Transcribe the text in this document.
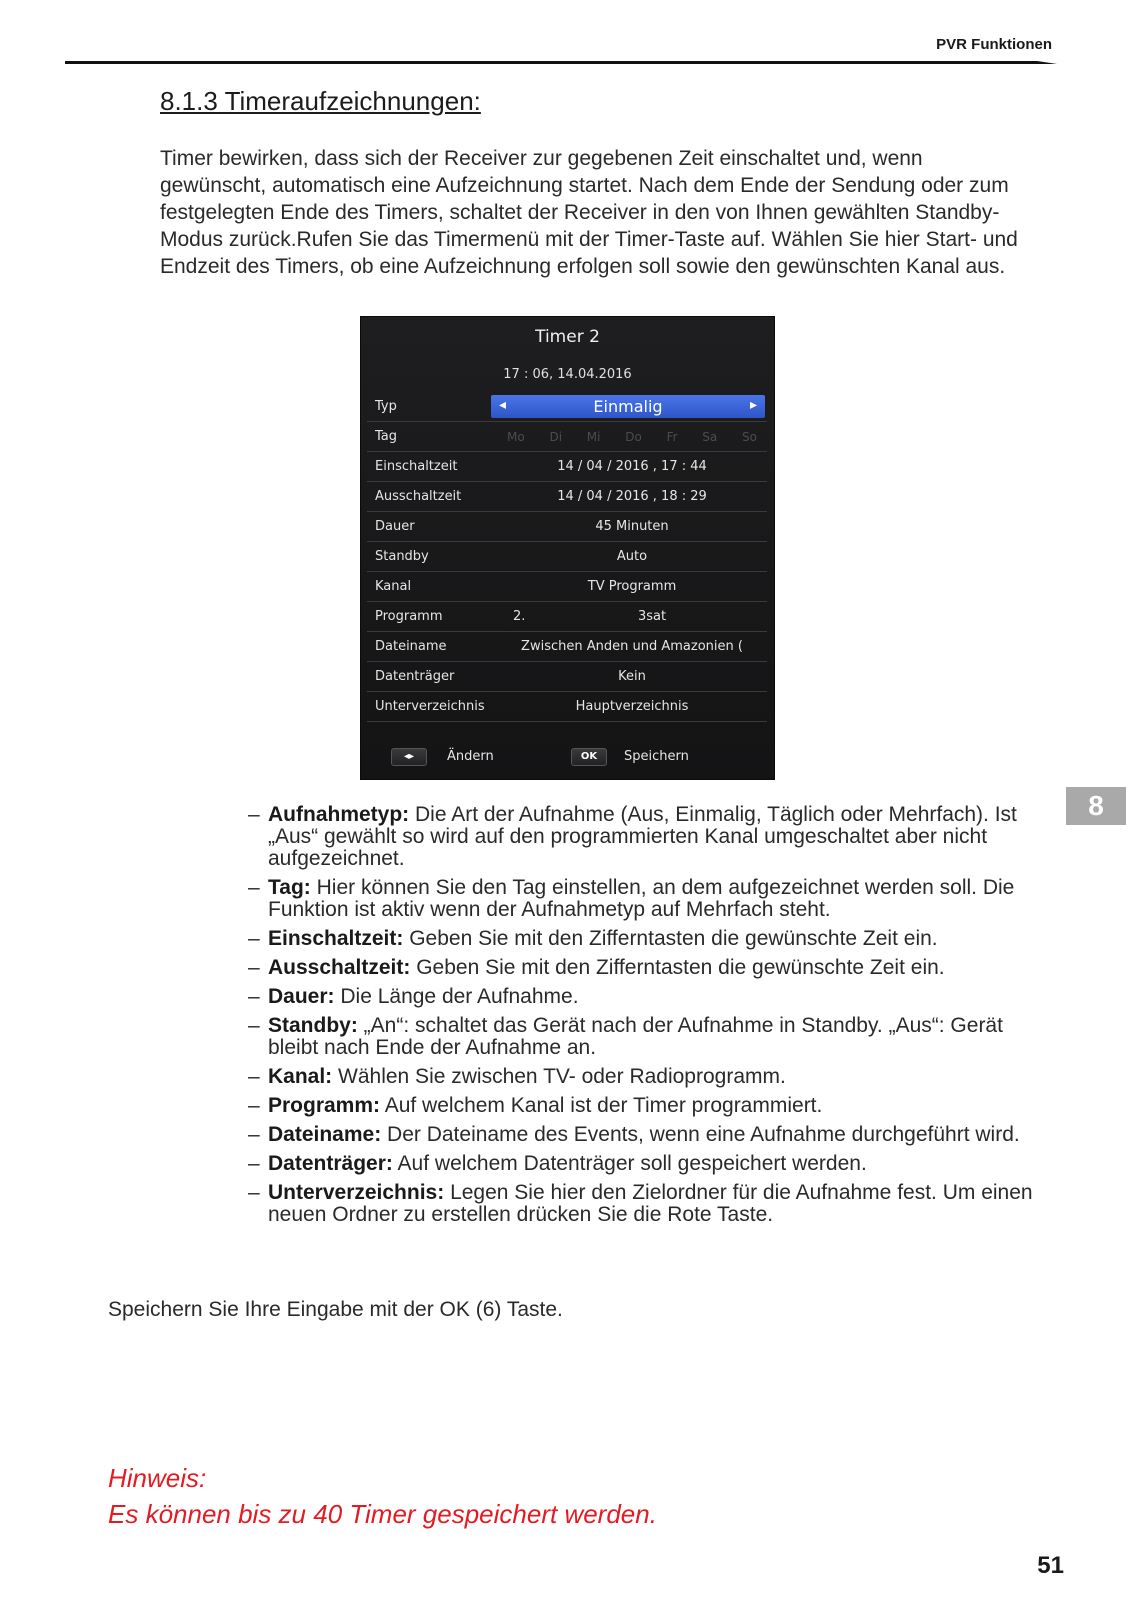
PVR Funktionen
8.1.3 Timeraufzeichnungen:
Timer bewirken, dass sich der Receiver zur gegebenen Zeit einschaltet und, wenn gewünscht, automatisch eine Aufzeichnung startet. Nach dem Ende der Sendung oder zum festgelegten Ende des Timers, schaltet der Receiver in den von Ihnen gewählten Standby-Modus zurück.Rufen Sie das Timermenü mit der Timer-Taste auf. Wählen Sie hier Start- und Endzeit des Timers, ob eine Aufzeichnung erfolgen soll sowie den gewünschten Kanal aus.
Timer 2
17 : 06, 14.04.2016
Typ	◂	Einmalig	▸
Tag	Mo Di Mi Do Fr Sa So
Einschaltzeit	14 / 04 / 2016 , 17 : 44
Ausschaltzeit	14 / 04 / 2016 , 18 : 29
Dauer	45 Minuten
Standby	Auto
Kanal	TV Programm
Programm	2.	3sat
Dateiname	Zwischen Anden und Amazonien (
Datenträger	Kein
Unterverzeichnis	Hauptverzeichnis
◂▸	Ändern	OK	Speichern
– Aufnahmetyp: Die Art der Aufnahme (Aus, Einmalig, Täglich oder Mehrfach). Ist „Aus“ gewählt so wird auf den programmierten Kanal umgeschaltet aber nicht aufgezeichnet.
– Tag: Hier können Sie den Tag einstellen, an dem aufgezeichnet werden soll. Die Funktion ist aktiv wenn der Aufnahmetyp auf Mehrfach steht.
– Einschaltzeit: Geben Sie mit den Zifferntasten die gewünschte Zeit ein.
– Ausschaltzeit: Geben Sie mit den Zifferntasten die gewünschte Zeit ein.
– Dauer: Die Länge der Aufnahme.
– Standby: „An“: schaltet das Gerät nach der Aufnahme in Standby. „Aus“: Gerät bleibt nach Ende der Aufnahme an.
– Kanal: Wählen Sie zwischen TV- oder Radioprogramm.
– Programm: Auf welchem Kanal ist der Timer programmiert.
– Dateiname: Der Dateiname des Events, wenn eine Aufnahme durchgeführt wird.
– Datenträger: Auf welchem Datenträger soll gespeichert werden.
– Unterverzeichnis: Legen Sie hier den Zielordner für die Aufnahme fest. Um einen neuen Ordner zu erstellen drücken Sie die Rote Taste.
Speichern Sie Ihre Eingabe mit der OK (6) Taste.
8
Hinweis:
Es können bis zu 40 Timer gespeichert werden.
51
